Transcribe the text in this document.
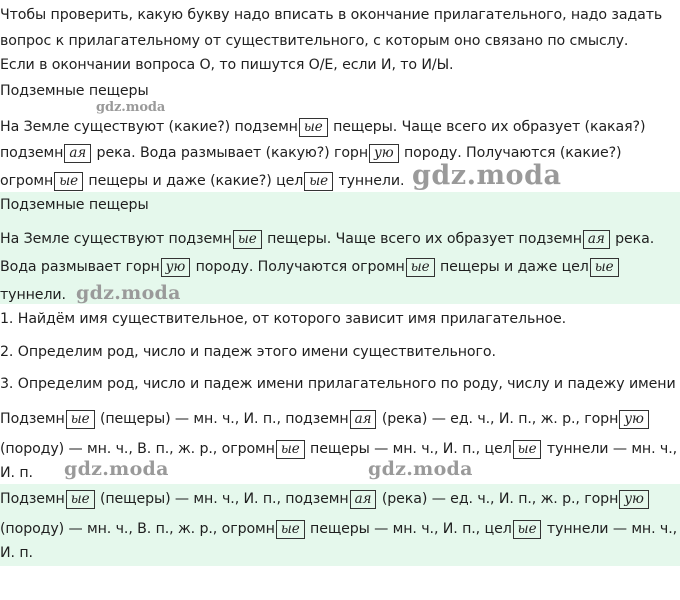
Чтобы проверить, какую букву надо вписать в окончание прилагательного, надо задать
вопрос к прилагательному от существительного, с которым оно связано по смыслу.
Если в окончании вопроса О, то пишутся О/Е, если И, то И/Ы.
Подземные пещеры
gdz.moda
На Земле существуют (какие?) подземн ые пещеры. Чаще всего их образует (какая?)
подземн ая река. Вода размывает (какую?) горн ую породу. Получаются (какие?)
огромн ые пещеры и даже (какие?) цел ые туннели. gdz.moda
Подземные пещеры
На Земле существуют подземн ые пещеры. Чаще всего их образует подземн ая река.
Вода размывает горн ую породу. Получаются огромн ые пещеры и даже цел ые
туннели. gdz.moda
1. Найдём имя существительное, от которого зависит имя прилагательное.
2. Определим род, число и падеж этого имени существительного.
3. Определим род, число и падеж имени прилагательного по роду, числу и падежу имени
Подземн ые (пещеры) — мн. ч., И. п., подземн ая (река) — ед. ч., И. п., ж. р., горн ую
(породу) — мн. ч., В. п., ж. р., огромн ые пещеры — мн. ч., И. п., цел ые туннели — мн. ч.,
И. п. gdz.moda	gdz.moda
Подземн ые (пещеры) — мн. ч., И. п., подземн ая (река) — ед. ч., И. п., ж. р., горн ую
(породу) — мн. ч., В. п., ж. р., огромн ые пещеры — мн. ч., И. п., цел ые туннели — мн. ч.,
И. п.
